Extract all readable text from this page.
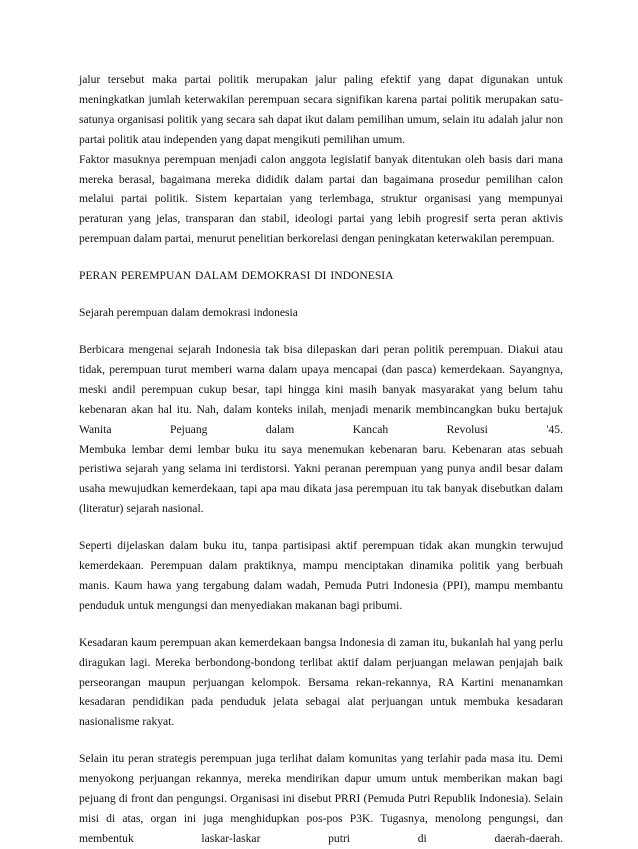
jalur tersebut maka partai politik merupakan jalur paling efektif yang dapat digunakan untuk meningkatkan jumlah keterwakilan perempuan secara signifikan karena partai politik merupakan satu-satunya organisasi politik yang secara sah dapat ikut dalam pemilihan umum, selain itu adalah jalur non partai politik atau independen yang dapat mengikuti pemilihan umum.

Faktor masuknya perempuan menjadi calon anggota legislatif banyak ditentukan oleh basis dari mana mereka berasal, bagaimana mereka dididik dalam partai dan bagaimana prosedur pemilihan calon melalui partai politik. Sistem kepartaian yang terlembaga, struktur organisasi yang mempunyai peraturan yang jelas, transparan dan stabil, ideologi partai yang lebih progresif serta peran aktivis perempuan dalam partai, menurut penelitian berkorelasi dengan peningkatan keterwakilan perempuan.

PERAN PEREMPUAN DALAM DEMOKRASI DI INDONESIA

Sejarah perempuan dalam demokrasi indonesia

Berbicara mengenai sejarah Indonesia tak bisa dilepaskan dari peran politik perempuan. Diakui atau tidak, perempuan turut memberi warna dalam upaya mencapai (dan pasca) kemerdekaan. Sayangnya, meski andil perempuan cukup besar, tapi hingga kini masih banyak masyarakat yang belum tahu kebenaran akan hal itu. Nah, dalam konteks inilah, menjadi menarik membincangkan buku bertajuk Wanita Pejuang dalam Kancah Revolusi '45.

Membuka lembar demi lembar buku itu saya menemukan kebenaran baru. Kebenaran atas sebuah peristiwa sejarah yang selama ini terdistorsi. Yakni peranan perempuan yang punya andil besar dalam usaha mewujudkan kemerdekaan, tapi apa mau dikata jasa perempuan itu tak banyak disebutkan dalam (literatur) sejarah nasional.

Seperti dijelaskan dalam buku itu, tanpa partisipasi aktif perempuan tidak akan mungkin terwujud kemerdekaan. Perempuan dalam praktiknya, mampu menciptakan dinamika politik yang berbuah manis. Kaum hawa yang tergabung dalam wadah, Pemuda Putri Indonesia (PPI), mampu membantu penduduk untuk mengungsi dan menyediakan makanan bagi pribumi.

Kesadaran kaum perempuan akan kemerdekaan bangsa Indonesia di zaman itu, bukanlah hal yang perlu diragukan lagi. Mereka berbondong-bondong terlibat aktif dalam perjuangan melawan penjajah baik perseorangan maupun perjuangan kelompok. Bersama rekan-rekannya, RA Kartini menanamkan kesadaran pendidikan pada penduduk jelata sebagai alat perjuangan untuk membuka kesadaran nasionalisme rakyat.

Selain itu peran strategis perempuan juga terlihat dalam komunitas yang terlahir pada masa itu. Demi menyokong perjuangan rekannya, mereka mendirikan dapur umum untuk memberikan makan bagi pejuang di front dan pengungsi. Organisasi ini disebut PRRI (Pemuda Putri Republik Indonesia). Selain misi di atas, organ ini juga menghidupkan pos-pos P3K. Tugasnya, menolong pengungsi, dan membentuk laskar-laskar putri di daerah-daerah.
